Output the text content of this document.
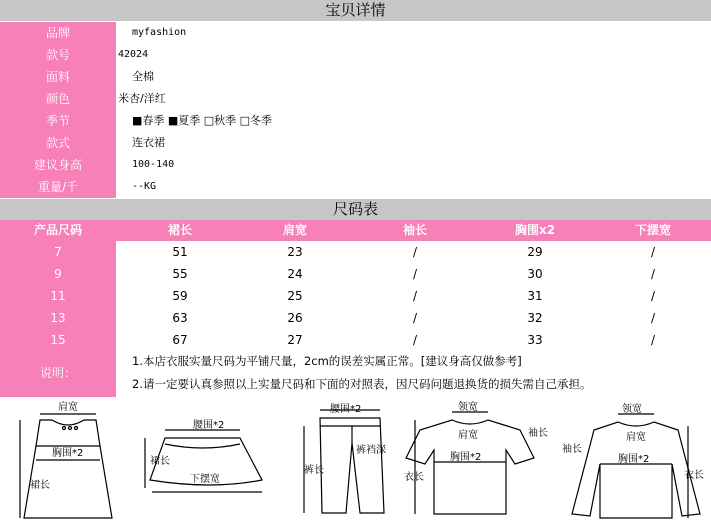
宝贝详情
品牌	myfashion
款号	42024
面料	全棉
颜色	米杏/洋红
季节	■春季 ■夏季 □秋季 □冬季
款式	连衣裙
建议身高	100-140
重量/千	--KG
尺码表
产品尺码	裙长	肩宽	袖长	胸围x2	下摆宽
7	51	23	/	29	/
9	55	24	/	30	/
11	59	25	/	31	/
13	63	26	/	32	/
15	67	27	/	33	/
说明：
1.本店衣服实量尺码为平铺尺量，2cm的误差实属正常。[建议身高仅做参考]
2.请一定要认真参照以上实量尺码和下面的对照表，因尺码问题退换货的损失需自己承担。
肩宽
胸围*2
裙长
腰围*2
裙长
下摆宽
腰围*2
裤裆深
裤长
领宽
肩宽	袖长
胸围*2
衣长
领宽
肩宽
袖长
胸围*2
衣长
